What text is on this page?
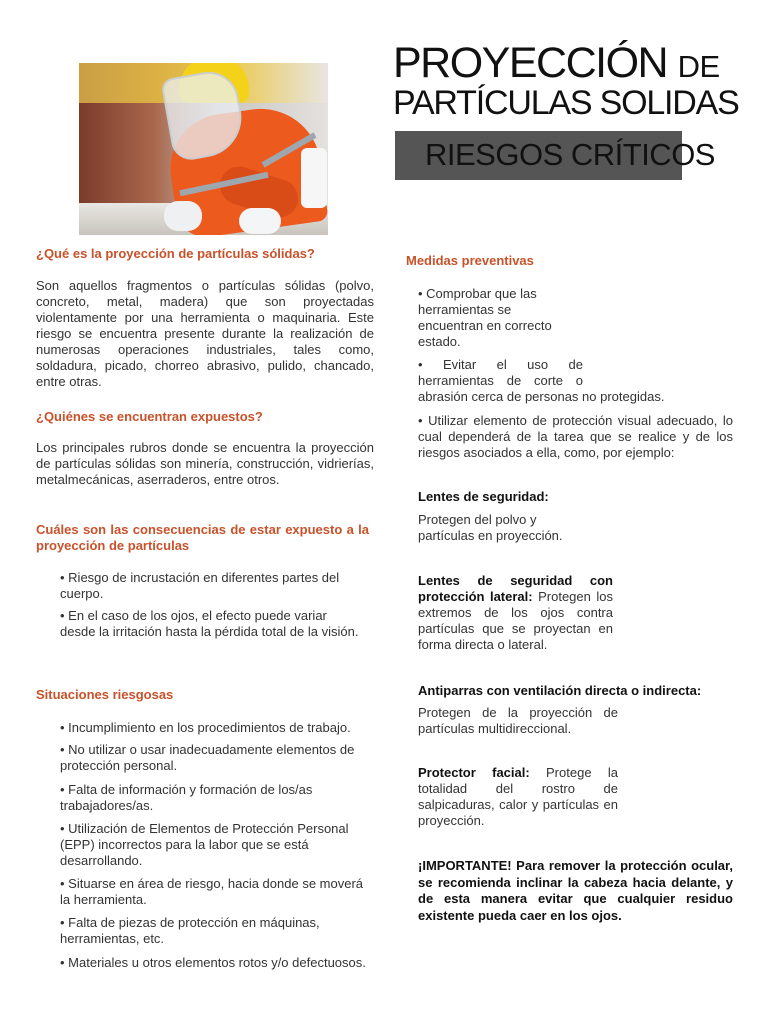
PROYECCIÓN DE
PARTÍCULAS SOLIDAS
RIESGOS CRÍTICOS
¿Qué es la proyección de partículas sólidas?

Son aquellos fragmentos o partículas sólidas (polvo, concreto, metal, madera) que son proyectadas violentamente por una herramienta o maquinaria. Este riesgo se encuentra presente durante la realización de numerosas operaciones industriales, tales como, soldadura, picado, chorreo abrasivo, pulido, chancado, entre otras.

¿Quiénes se encuentran expuestos?

Los principales rubros donde se encuentra la proyección de partículas sólidas son minería, construcción, vidrierías, metalmecánicas, aserraderos, entre otros.

Cuáles son las consecuencias de estar expuesto a la proyección de partículas

• Riesgo de incrustación en diferentes partes del cuerpo.

• En el caso de los ojos, el efecto puede variar desde la irritación hasta la pérdida total de la visión.

Situaciones riesgosas

• Incumplimiento en los procedimientos de trabajo.

• No utilizar o usar inadecuadamente elementos de protección personal.

• Falta de información y formación de los/as trabajadores/as.

• Utilización de Elementos de Protección Personal (EPP) incorrectos para la labor que se está desarrollando.

• Situarse en área de riesgo, hacia donde se moverá la herramienta.

• Falta de piezas de protección en máquinas, herramientas, etc.

• Materiales u otros elementos rotos y/o defectuosos.

Medidas preventivas

• Comprobar que las herramientas se encuentran en correcto estado.

• Evitar el uso de herramientas de corte o

abrasión cerca de personas no protegidas.

• Utilizar elemento de protección visual adecuado, lo cual dependerá de la tarea que se realice y de los riesgos asociados a ella, como, por ejemplo:

Lentes de seguridad:

Protegen del polvo y partículas en proyección.

Lentes de seguridad con protección lateral: Protegen los extremos de los ojos contra partículas que se proyectan en forma directa o lateral.

Antiparras con ventilación directa o indirecta:

Protegen de la proyección de partículas multidireccional.

Protector facial: Protege la totalidad del rostro de salpicaduras, calor y partículas en proyección.

¡IMPORTANTE! Para remover la protección ocular, se recomienda inclinar la cabeza hacia delante, y de esta manera evitar que cualquier residuo existente pueda caer en los ojos.
